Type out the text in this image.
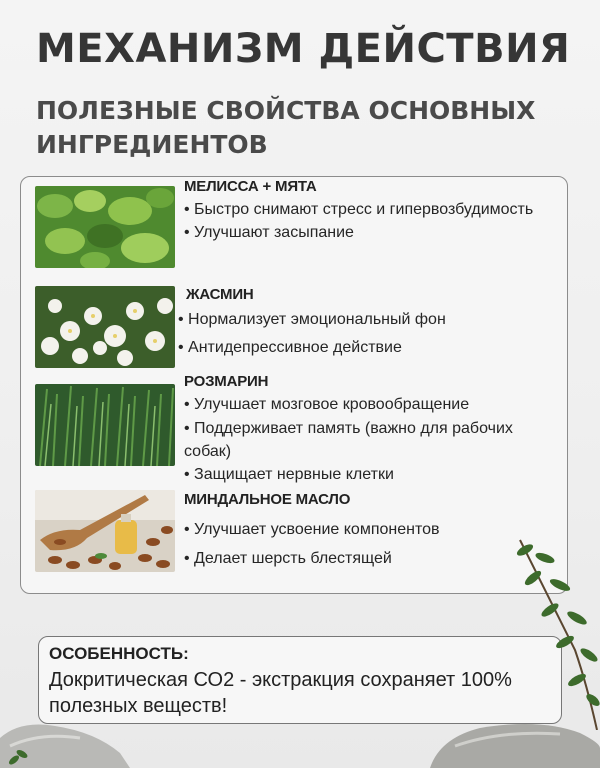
МЕХАНИЗМ ДЕЙСТВИЯ
ПОЛЕЗНЫЕ СВОЙСТВА ОСНОВНЫХ ИНГРЕДИЕНТОВ
МЕЛИССА + МЯТА
• Быстро снимают стресс и гипервозбудимость
• Улучшают засыпание
ЖАСМИН
• Нормализует эмоциональный фон
• Антидепрессивное действие
РОЗМАРИН
• Улучшает мозговое кровообращение
• Поддерживает память (важно для рабочих собак)
• Защищает нервные клетки
МИНДАЛЬНОЕ МАСЛО
• Улучшает усвоение компонентов
• Делает шерсть блестящей
ОСОБЕННОСТЬ:
Докритическая СО2 - экстракция сохраняет 100% полезных веществ!
